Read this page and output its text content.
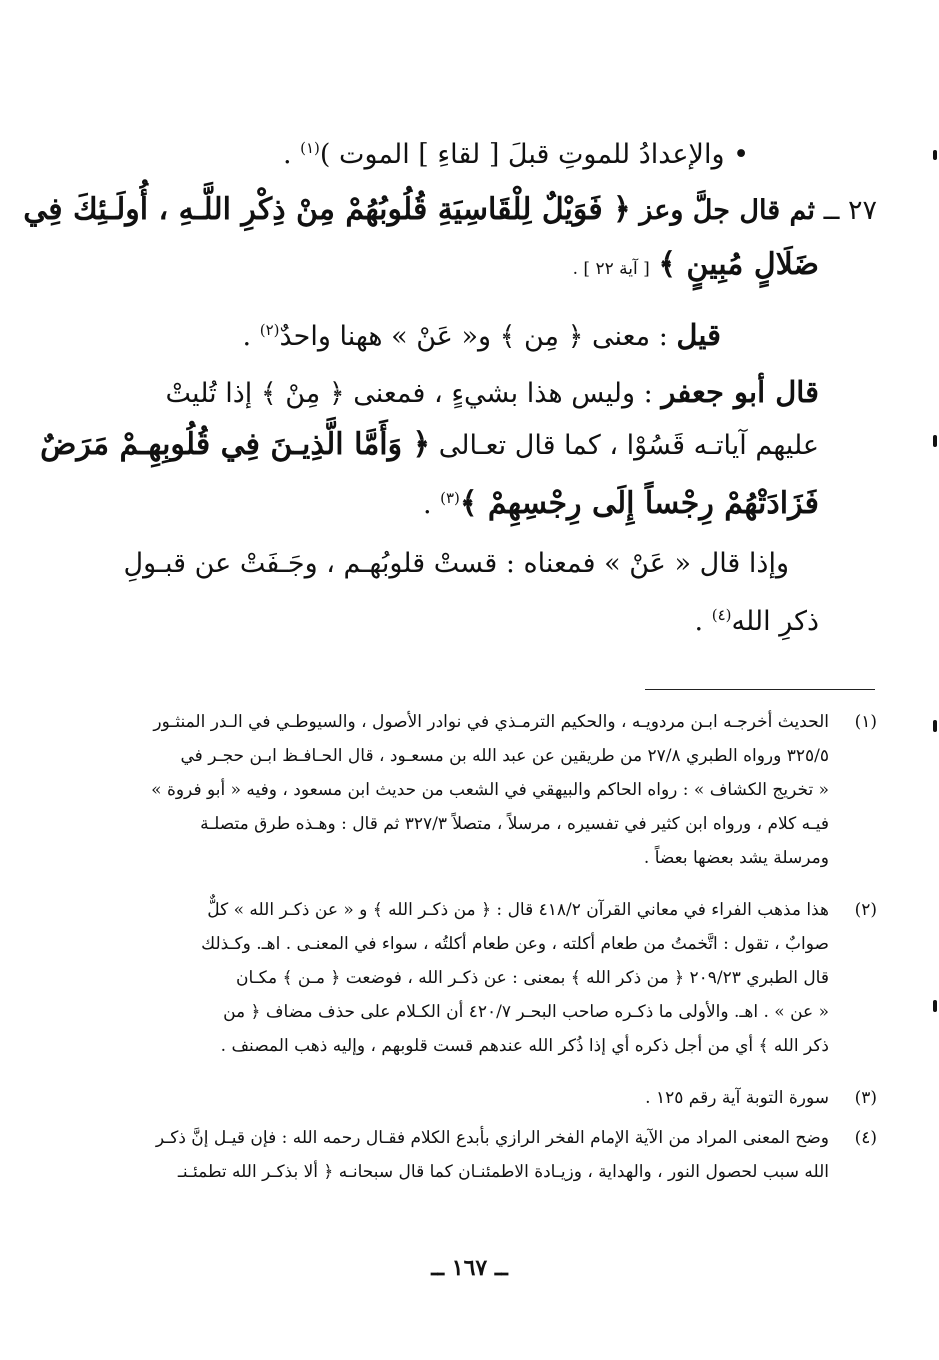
• والإعدادُ للموتِ قبلَ [ لقاءِ ] الموت )$^{(١)}$ .
٢٧ ــ ثم قال جلَّ وعز ﴿ فَوَيْلٌ لِلْقَاسِيَةِ قُلُوبُهُمْ مِنْ ذِكْرِ اللَّـهِ ، أُولَـئِكَ فِي
ضَلَالٍ مُبِينٍ ﴾ [ آية ٢٢ ] .
قيل : معنى ﴿ مِن ﴾ و« عَنْ » ههنا واحدٌ$^{(٢)}$ .
قال أبو جعفر : وليس هذا بشيءٍ ، فمعنى ﴿ مِنْ ﴾ إذا تُليتْ
عليهم آياتـه قَسُوْا ، كما قال تعـالى ﴿ وَأَمَّا الَّذِيـنَ فِي قُلُوبِهِـمْ مَرَضٌ
فَزَادَتْهُمْ رِجْساً إِلَى رِجْسِهِمْ ﴾$^{(٣)}$ .
وإذا قال « عَنْ » فمعناه : قستْ قلوبُهـم ، وجَـفَتْ عن قبـولِ
ذكرِ الله$^{(٤)}$ .
(١)
الحديث أخرجـه ابـن مردويـه ، والحكيم الترمـذي في نوادر الأصول ، والسيوطـي في الـدر المنثـور
٣٢٥/٥ ورواه الطبري ٢٧/٨ من طريقين عن عبد الله بن مسعـود ، قال الحـافـظ ابـن حجـر في
« تخريج الكشاف » : رواه الحاكم والبيهقي في الشعب من حديث ابن مسعود ، وفيه « أبو فروة »
فيـه كلام ، ورواه ابن كثير في تفسيره ، مرسلاً ، متصلاً ٣٢٧/٣ ثم قال : وهـذه طرق متصلـة
ومرسلة يشد بعضها بعضاً .
(٢)
هذا مذهب الفراء في معاني القرآن ٤١٨/٢ قال : ﴿ من ذكـر الله ﴾ و « عن ذكـر الله » كلٌّ
صوابٌ ، تقول : اتَّخمتُ من طعام أكلته ، وعن طعام أكلتُه ، سواء في المعنـى . اهـ. وكـذلك
قال الطبري ٢٠٩/٢٣ ﴿ من ذكر الله ﴾ بمعنى : عن ذكـر الله ، فوضعت ﴿ مـن ﴾ مكـان
« عن » . اهـ. والأولى ما ذكـره صاحب البحـر ٤٢٠/٧ أن الكـلام على حذف مضاف ﴿ من
ذكر الله ﴾ أي من أجل ذكره أي إذا ذُكر الله عندهم قست قلوبهم ، وإليه ذهب المصنف .
(٣)
سورة التوبة آية رقم ١٢٥ .
(٤)
وضح المعنى المراد من الآية الإمام الفخر الرازي بأبدع الكلام فقـال رحمه الله : فإن قيـل إنَّ ذكـر
الله سبب لحصول النور ، والهداية ، وزيـادة الاطمئنـان كما قال سبحانـه ﴿ ألا بذكـر الله تطمئـنـ
ــ ١٦٧ ــ
